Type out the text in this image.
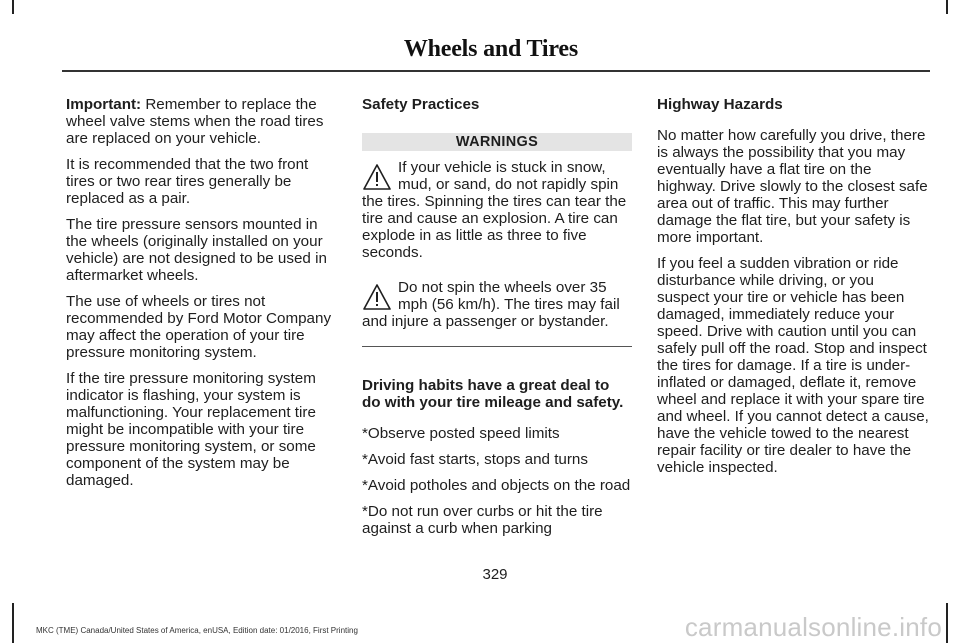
Wheels and Tires

Important: Remember to replace the wheel valve stems when the road tires are replaced on your vehicle.

It is recommended that the two front tires or two rear tires generally be replaced as a pair.

The tire pressure sensors mounted in the wheels (originally installed on your vehicle) are not designed to be used in aftermarket wheels.

The use of wheels or tires not recommended by Ford Motor Company may affect the operation of your tire pressure monitoring system.

If the tire pressure monitoring system indicator is flashing, your system is malfunctioning. Your replacement tire might be incompatible with your tire pressure monitoring system, or some component of the system may be damaged.

Safety Practices
WARNINGS

If your vehicle is stuck in snow, mud, or sand, do not rapidly spin the tires. Spinning the tires can tear the tire and cause an explosion. A tire can explode in as little as three to five seconds.

Do not spin the wheels over 35 mph (56 km/h). The tires may fail and injure a passenger or bystander.

Driving habits have a great deal to do with your tire mileage and safety.

*Observe posted speed limits

*Avoid fast starts, stops and turns

*Avoid potholes and objects on the road

*Do not run over curbs or hit the tire against a curb when parking

Highway Hazards

No matter how carefully you drive, there is always the possibility that you may eventually have a flat tire on the highway. Drive slowly to the closest safe area out of traffic. This may further damage the flat tire, but your safety is more important.

If you feel a sudden vibration or ride disturbance while driving, or you suspect your tire or vehicle has been damaged, immediately reduce your speed. Drive with caution until you can safely pull off the road. Stop and inspect the tires for damage. If a tire is under-inflated or damaged, deflate it, remove wheel and replace it with your spare tire and wheel. If you cannot detect a cause, have the vehicle towed to the nearest repair facility or tire dealer to have the vehicle inspected.

329
MKC (TME) Canada/United States of America, enUSA, Edition date: 01/2016, First Printing	carmanualsonline.info
